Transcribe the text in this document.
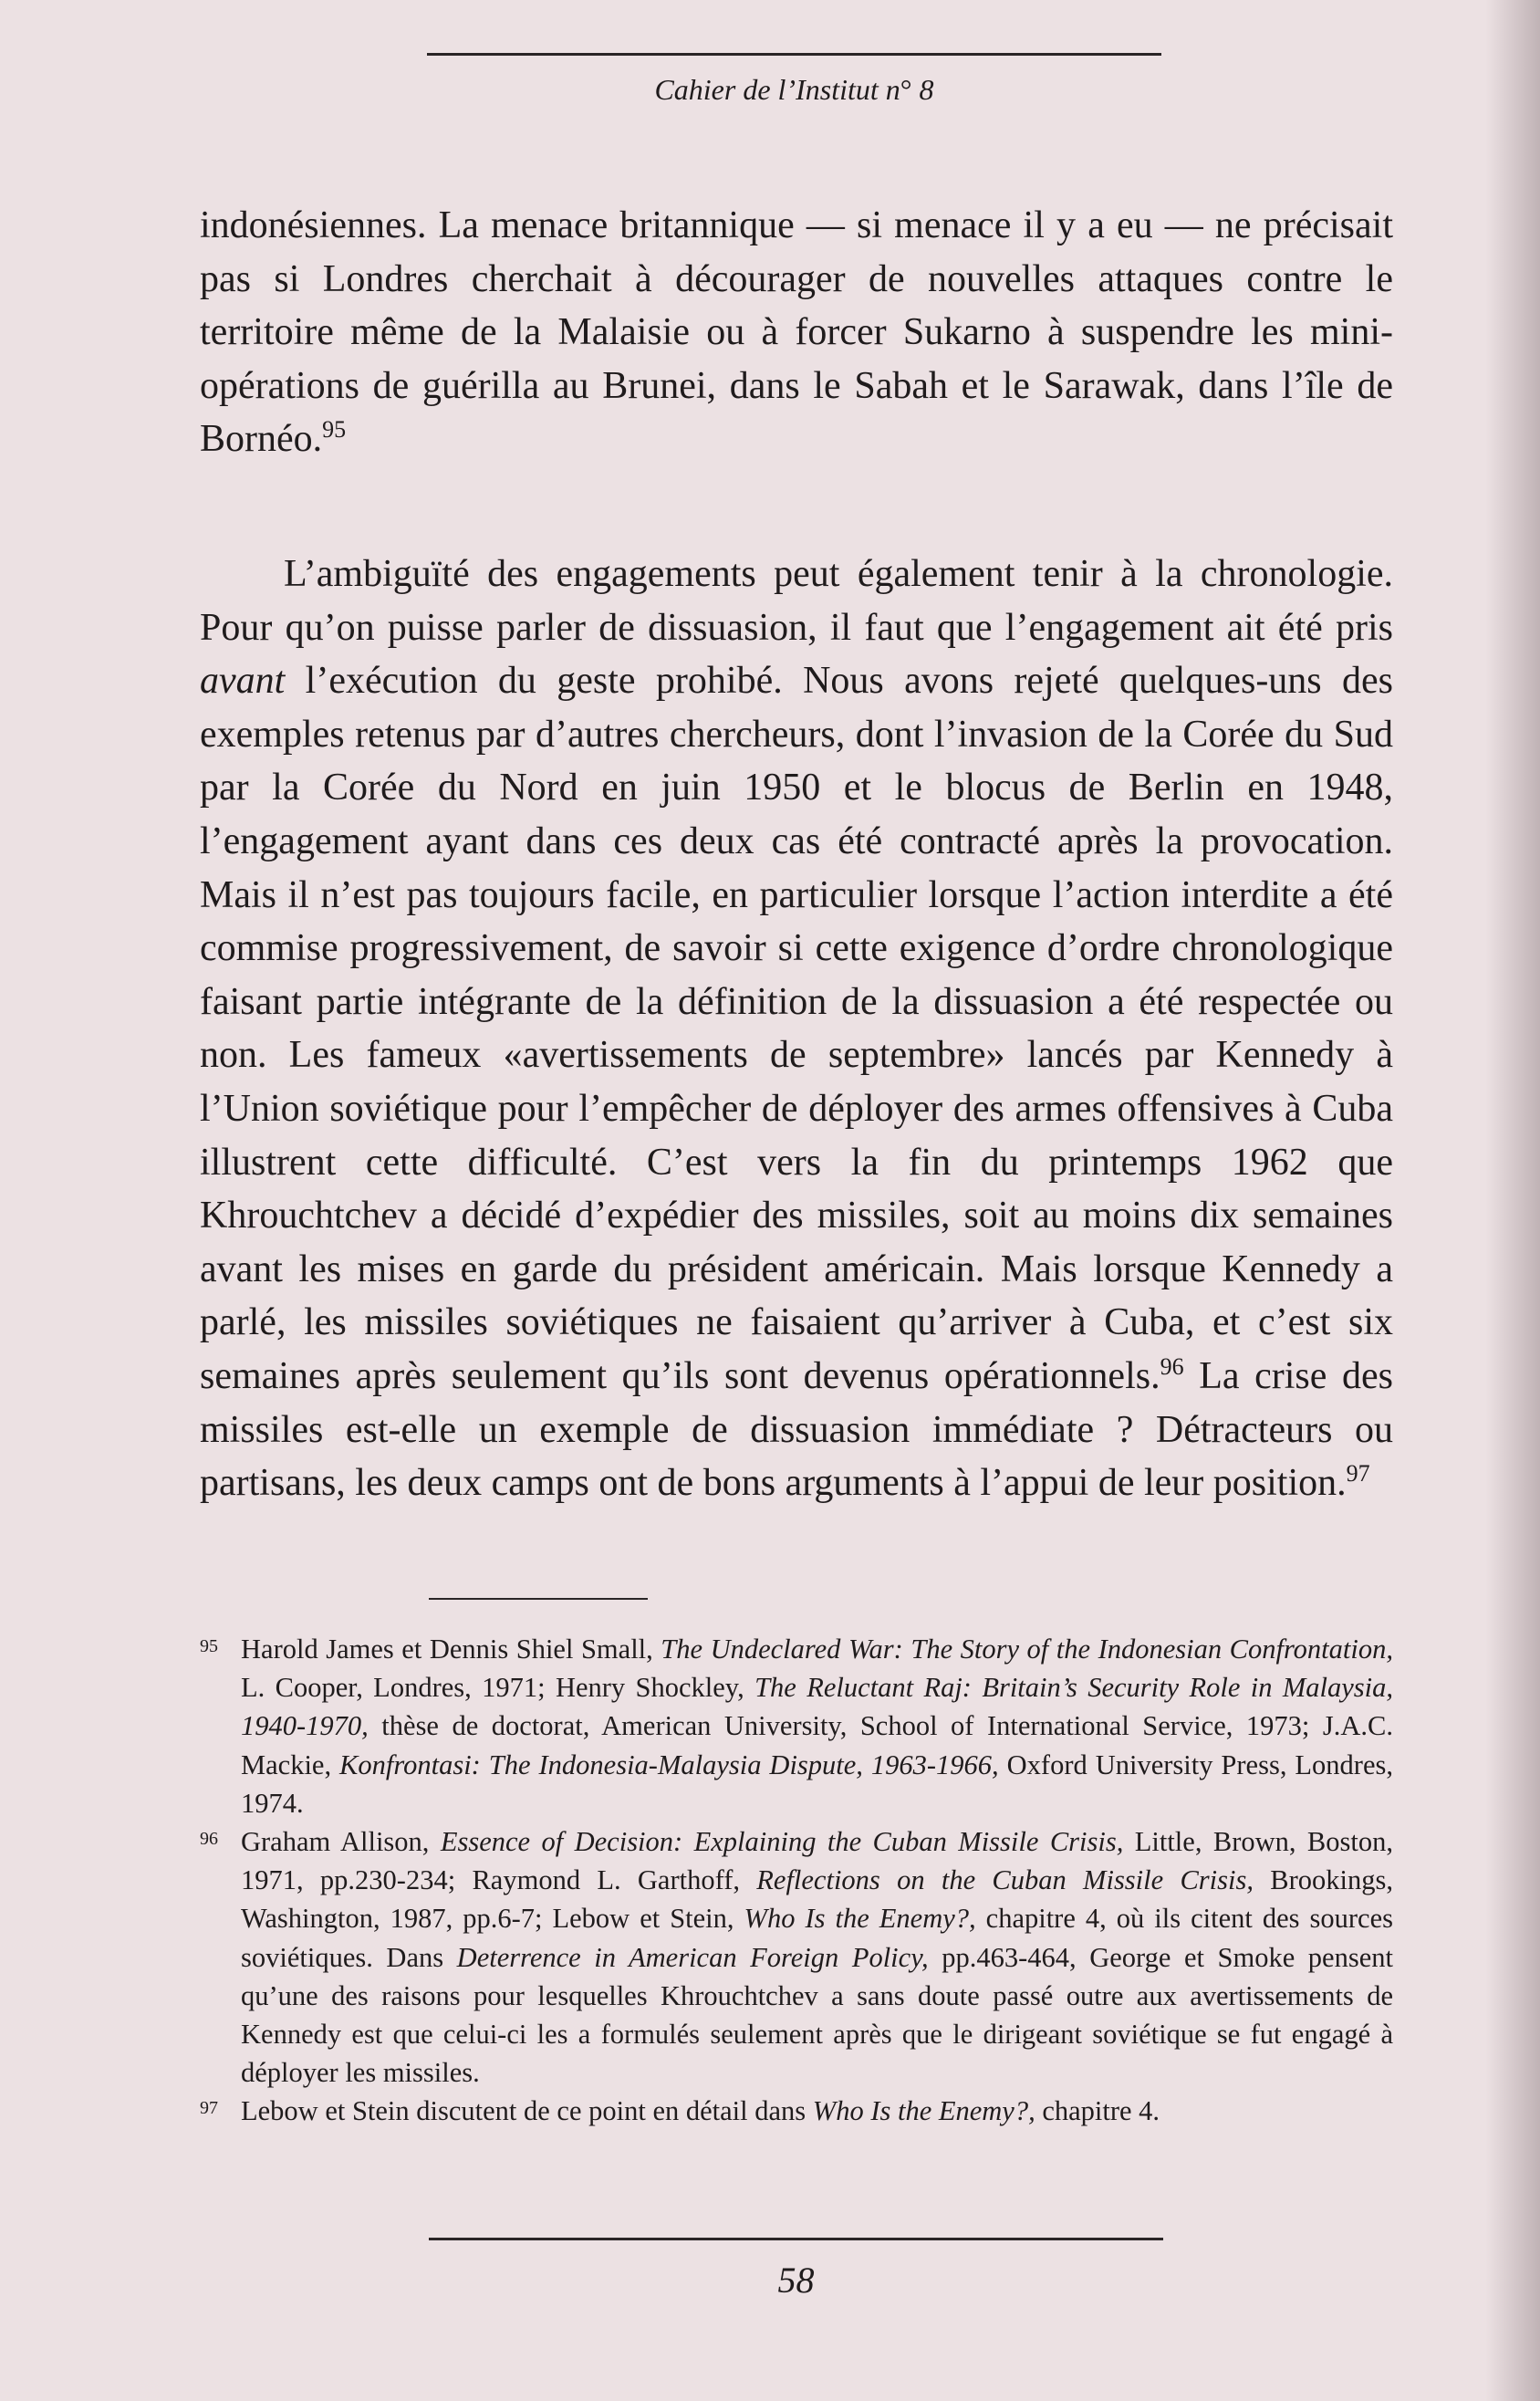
Cahier de l’Institut n° 8

indonésiennes. La menace britannique — si menace il y a eu — ne précisait pas si Londres cherchait à décourager de nouvelles attaques contre le territoire même de la Malaisie ou à forcer Sukarno à suspendre les mini-opérations de guérilla au Brunei, dans le Sabah et le Sarawak, dans l’île de Bornéo.$^{95}$

L’ambiguïté des engagements peut également tenir à la chronologie. Pour qu’on puisse parler de dissuasion, il faut que l’engagement ait été pris avant l’exécution du geste prohibé. Nous avons rejeté quelques-uns des exemples retenus par d’autres chercheurs, dont l’invasion de la Corée du Sud par la Corée du Nord en juin 1950 et le blocus de Berlin en 1948, l’engagement ayant dans ces deux cas été contracté après la provocation. Mais il n’est pas toujours facile, en particulier lorsque l’action interdite a été commise progressivement, de savoir si cette exigence d’ordre chronologique faisant partie intégrante de la définition de la dissuasion a été respectée ou non. Les fameux «avertissements de septembre» lancés par Kennedy à l’Union soviétique pour l’empêcher de déployer des armes offensives à Cuba illustrent cette difficulté. C’est vers la fin du printemps 1962 que Khrouchtchev a décidé d’expédier des missiles, soit au moins dix semaines avant les mises en garde du président américain. Mais lorsque Kennedy a parlé, les missiles soviétiques ne faisaient qu’arriver à Cuba, et c’est six semaines après seulement qu’ils sont devenus opérationnels.$^{96}$ La crise des missiles est-elle un exemple de dissuasion immédiate ? Détracteurs ou partisans, les deux camps ont de bons arguments à l’appui de leur position.$^{97}$

95 Harold James et Dennis Shiel Small, The Undeclared War: The Story of the Indonesian Confrontation, L. Cooper, Londres, 1971; Henry Shockley, The Reluctant Raj: Britain’s Security Role in Malaysia, 1940-1970, thèse de doctorat, American University, School of International Service, 1973; J.A.C. Mackie, Konfrontasi: The Indonesia-Malaysia Dispute, 1963-1966, Oxford University Press, Londres, 1974.

96 Graham Allison, Essence of Decision: Explaining the Cuban Missile Crisis, Little, Brown, Boston, 1971, pp.230-234; Raymond L. Garthoff, Reflections on the Cuban Missile Crisis, Brookings, Washington, 1987, pp.6-7; Lebow et Stein, Who Is the Enemy?, chapitre 4, où ils citent des sources soviétiques. Dans Deterrence in American Foreign Policy, pp.463-464, George et Smoke pensent qu’une des raisons pour lesquelles Khrouchtchev a sans doute passé outre aux avertissements de Kennedy est que celui-ci les a formulés seulement après que le dirigeant soviétique se fut engagé à déployer les missiles.

97 Lebow et Stein discutent de ce point en détail dans Who Is the Enemy?, chapitre 4.

58
